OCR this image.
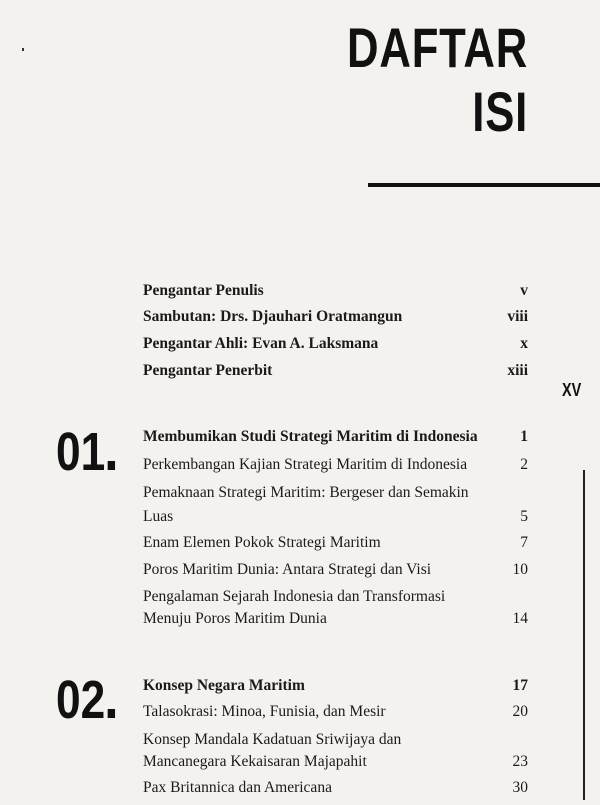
DAFTAR
ISI
Pengantar Penulis	v
Sambutan: Drs. Djauhari Oratmangun	viii
Pengantar Ahli: Evan A. Laksmana	x
Pengantar Penerbit	xiii
XV
01	Membumikan Studi Strategi Maritim di Indonesia	1
Perkembangan Kajian Strategi Maritim di Indonesia	2
Pemaknaan Strategi Maritim: Bergeser dan Semakin
Luas	5
Enam Elemen Pokok Strategi Maritim	7
Poros Maritim Dunia: Antara Strategi dan Visi	10
Pengalaman Sejarah Indonesia dan Transformasi
Menuju Poros Maritim Dunia	14
02	Konsep Negara Maritim	17
Talasokrasi: Minoa, Funisia, dan Mesir	20
Konsep Mandala Kadatuan Sriwijaya dan
Mancanegara Kekaisaran Majapahit	23
Pax Britannica dan Americana	30
